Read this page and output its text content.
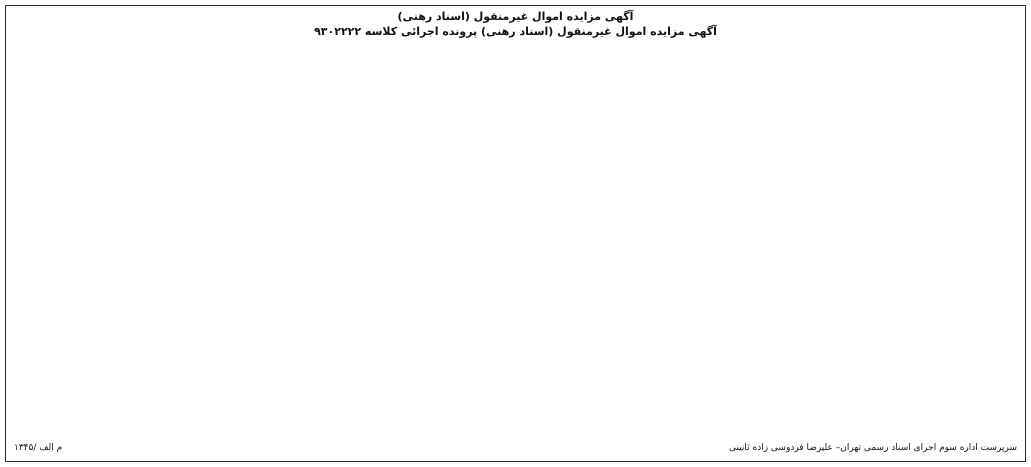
آگهی مزایده اموال غیرمنقول (اسناد رهنی)

آگهی مزایده اموال غیرمنقول (اسناد رهنی) پرونده اجرائی کلاسه ۹۳۰۲۲۲۲

سرپرست اداره سوم اجرای اسناد رسمی تهران– علیرضا فردوسی زاده ثانینی
۱۳۴۵/ م الف
